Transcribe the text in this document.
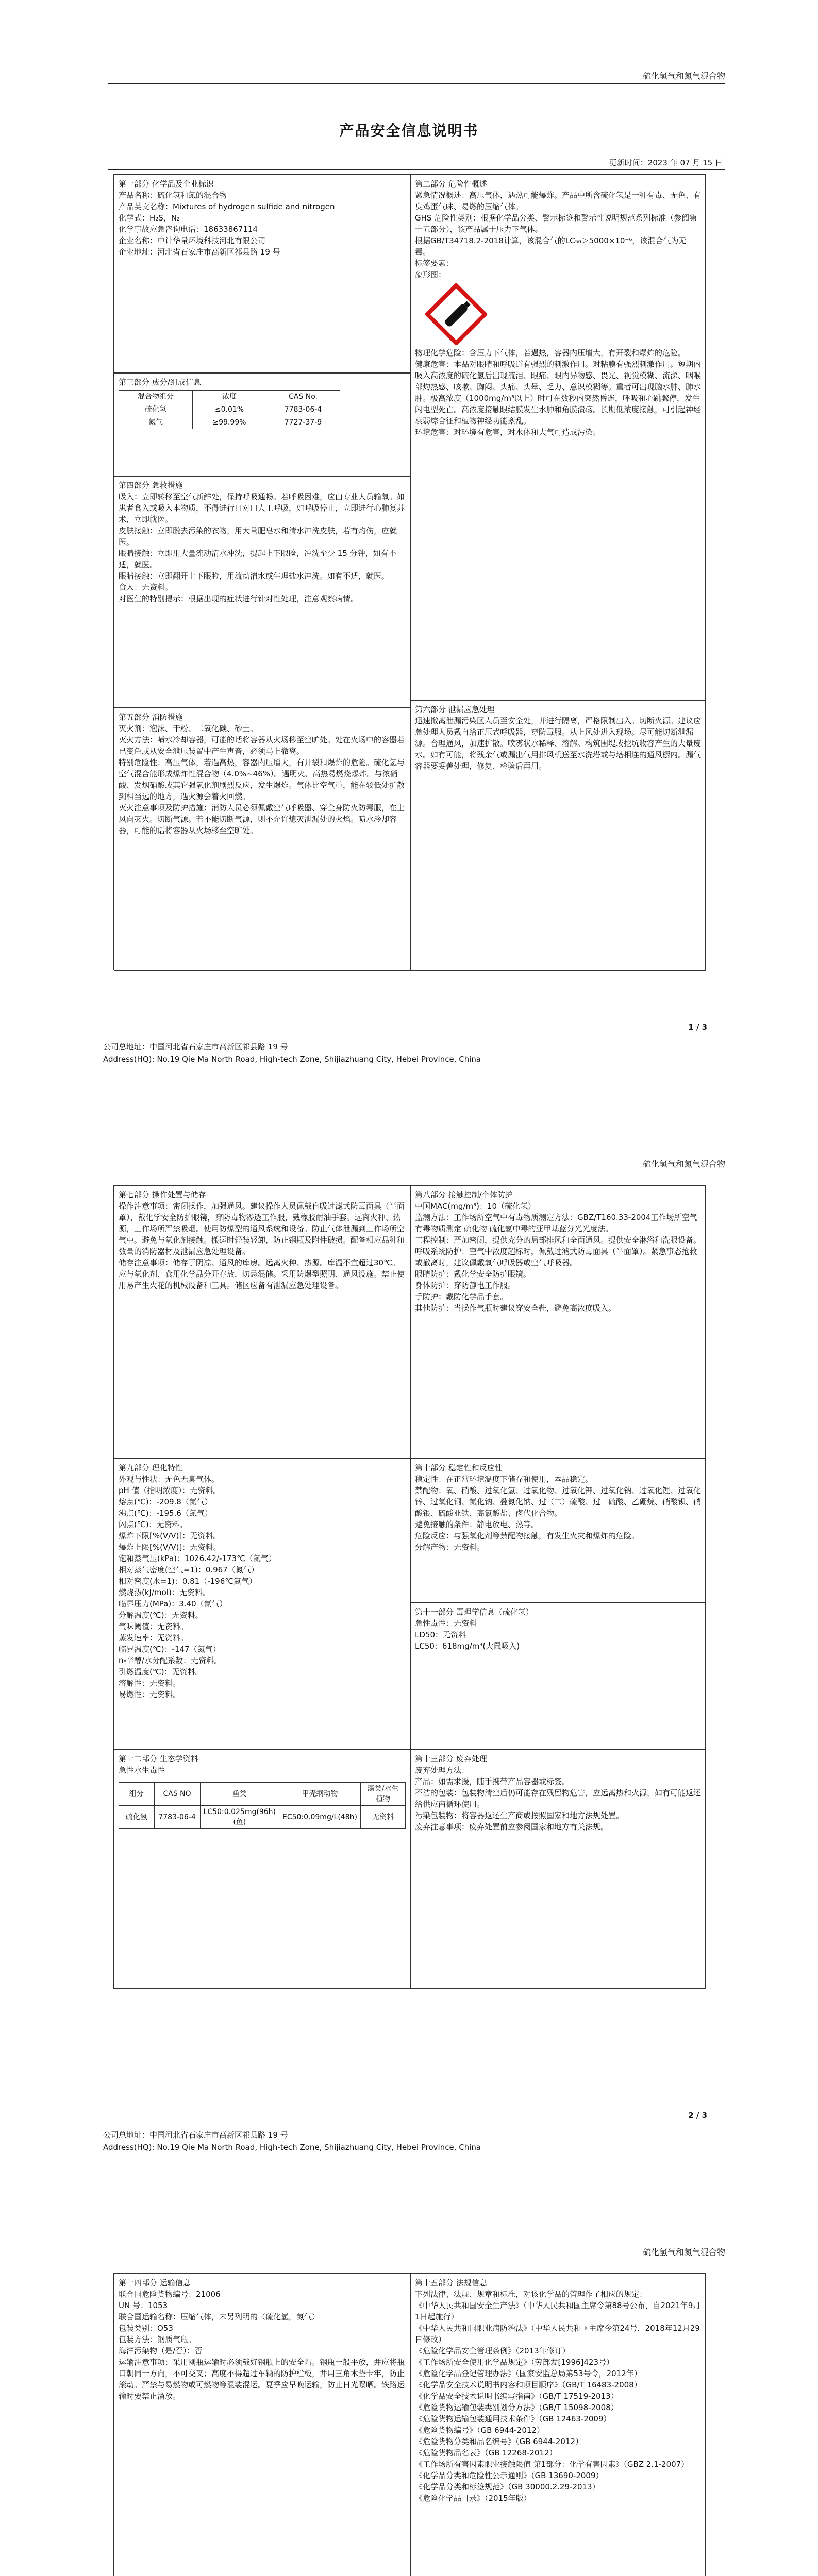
硫化氢气和氮气混合物
产品安全信息说明书
更新时间：2023 年 07 月 15 日

第一部分 化学品及企业标识

产品名称：硫化氢和氮的混合物

产品英文名称：Mixtures of hydrogen sulfide and nitrogen

化学式：H₂S，N₂

化学事故应急咨询电话：18633867114

企业名称：中计华量环境科技河北有限公司

企业地址：河北省石家庄市高新区祁县路 19 号

第三部分 成分/组成信息

混合物组分	浓度	CAS No.
硫化氢	≤0.01%	7783-06-4
氮气	≥99.99%	7727-37-9

第四部分 急救措施

吸入：立即转移至空气新鲜处，保持呼吸通畅。若呼吸困难，应由专业人员输氧。如患者食入或吸入本物质，不得进行口对口人工呼吸，如呼吸停止，立即进行心肺复苏术，立即就医。

皮肤接触：立即脱去污染的衣物，用大量肥皂水和清水冲洗皮肤，若有灼伤，应就医。

眼睛接触：立即用大量流动清水冲洗，提起上下眼睑，冲洗至少 15 分钟，如有不适，就医。

眼睛接触：立即翻开上下眼睑，用流动清水或生理盐水冲洗。如有不适，就医。

食入：无资料。

对医生的特别提示：根据出现的症状进行针对性处理，注意观察病情。

第五部分 消防措施

灭火剂：泡沫、干粉、二氧化碳、砂土。

灭火方法：喷水冷却容器，可能的话将容器从火场移至空旷处。处在火场中的容器若已变色或从安全泄压装置中产生声音，必须马上撤离。

特别危险性：高压气体，若遇高热，容器内压增大，有开裂和爆炸的危险。硫化氢与空气混合能形成爆炸性混合物（4.0%~46%）。遇明火、高热易燃烧爆炸。与浓硝酸、发烟硝酸或其它强氧化剂剧烈反应，发生爆炸。气体比空气重，能在较低处扩散到相当远的地方，遇火源会着火回燃。

灭火注意事项及防护措施：消防人员必须佩戴空气呼吸器、穿全身防火防毒服，在上风向灭火。切断气源。若不能切断气源，则不允许熄灭泄漏处的火焰。喷水冷却容器，可能的话将容器从火场移至空旷处。

第二部分 危险性概述

紧急情况概述：高压气体，遇热可能爆炸。产品中所含硫化氢是一种有毒、无色、有臭鸡蛋气味、易燃的压缩气体。

GHS 危险性类别：根据化学品分类、警示标签和警示性说明规范系列标准（参阅第十五部分），该产品属于压力下气体。

根据GB/T34718.2-2018计算，该混合气的LC₅₀＞5000×10⁻⁶，该混合气为无毒。

标签要素：

象形图：

物理化学危险：含压力下气体，若遇热，容器内压增大，有开裂和爆炸的危险。

健康危害：本品对眼睛和呼吸道有强烈的刺激作用。对粘膜有强烈刺激作用。短期内吸入高浓度的硫化氢后出现流泪、眼痛、眼内异物感、畏光、视觉模糊、流涕、咽喉部灼热感、咳嗽、胸闷、头痛、头晕、乏力、意识模糊等。重者可出现脑水肿、肺水肿。极高浓度（1000mg/m³以上）时可在数秒内突然昏迷，呼吸和心跳骤停，发生闪电型死亡。高浓度接触眼结膜发生水肿和角膜溃疡。长期低浓度接触，可引起神经衰弱综合征和植物神经功能紊乱。

环境危害：对环境有危害，对水体和大气可造成污染。

第六部分 泄漏应急处理

迅速撤离泄漏污染区人员至安全处，并进行隔离，严格限制出入。切断火源。建议应急处理人员戴自给正压式呼吸器，穿防毒服。从上风处进入现场。尽可能切断泄漏源。合理通风，加速扩散。喷雾状水稀释、溶解。构筑围堤或挖坑收容产生的大量废水。如有可能，将残余气或漏出气用排风机送至水洗塔或与塔相连的通风橱内。漏气容器要妥善处理，修复、检验后再用。

1 / 3
公司总地址：中国河北省石家庄市高新区祁县路 19 号
Address(HQ): No.19 Qie Ma North Road, High-tech Zone, Shijiazhuang City, Hebei Province, China
硫化氢气和氮气混合物

第七部分 操作处置与储存

操作注意事项：密闭操作，加强通风。建议操作人员佩戴自吸过滤式防毒面具（半面罩），戴化学安全防护眼镜，穿防毒物渗透工作服，戴橡胶耐油手套。远离火种、热源，工作场所严禁吸烟。使用防爆型的通风系统和设备。防止气体泄漏到工作场所空气中。避免与氧化剂接触。搬运时轻装轻卸，防止钢瓶及附件破损。配备相应品种和数量的消防器材及泄漏应急处理设备。

储存注意事项：储存于阴凉、通风的库房。远离火种、热源。库温不宜超过30℃。应与氧化剂、食用化学品分开存放，切忌混储。采用防爆型照明、通风设施。禁止使用易产生火花的机械设备和工具。储区应备有泄漏应急处理设备。

第九部分 理化特性

外观与性状：无色无臭气体。

pH 值（指明浓度）：无资料。

熔点(℃)：-209.8（氮气）

沸点(℃)：-195.6（氮气）

闪点(℃)：无资料。

爆炸下限[%(V/V)]：无资料。

爆炸上限[%(V/V)]：无资料。

饱和蒸气压(kPa)：1026.42/-173℃（氮气）

相对蒸气密度(空气=1)：0.967（氮气）

相对密度(水=1)：0.81（-196℃氮气）

燃烧热(kJ/mol)：无资料。

临界压力(MPa)：3.40（氮气）

分解温度(℃)：无资料。

气味阈值：无资料。

蒸发速率：无资料。

临界温度(℃)：-147（氮气）

n-辛醇/水分配系数：无资料。

引燃温度(℃)：无资料。

溶解性：无资料。

易燃性：无资料。

第十二部分 生态学资料

急性水生毒性

组分	CAS NO	鱼类	甲壳纲动物	藻类/水生植物
硫化氢	7783-06-4	LC50:0.025mg(96h)(鱼)	EC50:0.09mg/L(48h)	无资料

第八部分 接触控制/个体防护

中国MAC(mg/m³)：10（硫化氢）

监测方法：工作场所空气中有毒物质测定方法：GBZ/T160.33-2004工作场所空气有毒物质测定 硫化物 硫化氢中毒的亚甲基蓝分光光度法。

工程控制：严加密闭，提供充分的局部排风和全面通风。提供安全淋浴和洗眼设备。

呼吸系统防护：空气中浓度超标时，佩戴过滤式防毒面具（半面罩）。紧急事态抢救或撤离时，建议佩戴氧气呼吸器或空气呼吸器。

眼睛防护：戴化学安全防护眼镜。

身体防护：穿防静电工作服。

手防护：戴防化学品手套。

其他防护：当操作气瓶时建议穿安全鞋，避免高浓度吸入。

第十部分 稳定性和反应性

稳定性：在正常环境温度下储存和使用，本品稳定。

禁配物：氧、硝酸、过氧化氢、过氧化物、过氧化钾、过氧化钠、过氧化锂、过氧化锌、过氧化铜、氮化钠、叠氮化钠、过（二）硫酸、过一硫酸、乙硼烷、硝酸钡、硝酸银、硫酸亚铁、高氯酸盐、卤代化合物。

避免接触的条件：静电放电、热等。

危险反应：与强氧化剂等禁配物接触，有发生火灾和爆炸的危险。

分解产物：无资料。

第十一部分 毒理学信息（硫化氢）

急性毒性：无资料

LD50：无资料

LC50：618mg/m³(大鼠吸入)

第十三部分 废弃处理

废弃处理方法：

产品：如需求援，随手携带产品容器或标签。

不洁的包装：包装物清空后仍可能存在残留物危害，应远离热和火源，如有可能返还给供应商循环使用。

污染包装物：将容器返还生产商或按照国家和地方法规处置。

废弃注意事项：废弃处置前应参阅国家和地方有关法规。

2 / 3
公司总地址：中国河北省石家庄市高新区祁县路 19 号
Address(HQ): No.19 Qie Ma North Road, High-tech Zone, Shijiazhuang City, Hebei Province, China
硫化氢气和氮气混合物

第十四部分 运输信息

联合国危险货物编号：21006

UN 号：1053

联合国运输名称：压缩气体，未另列明的（硫化氢，氮气）

包装类别：O53

包装方法：钢质气瓶。

海洋污染物（是/否）：否

运输注意事项：采用刚瓶运输时必须戴好钢瓶上的安全帽。钢瓶一般平放，并应将瓶口朝同一方向，不可交叉；高度不得超过车辆的防护栏板，并用三角木垫卡牢，防止滚动。严禁与易燃物或可燃物等混装混运。夏季应早晚运输，防止日光曝晒。铁路运输时要禁止溜放。

第十五部分 法规信息

下列法律、法规、规章和标准，对该化学品的管理作了相应的规定：

《中华人民共和国安全生产法》（中华人民共和国主席令第88号公布，自2021年9月1日起施行）

《中华人民共和国职业病防治法》（中华人民共和国主席令第24号，2018年12月29日修改）

《危险化学品安全管理条例》（2013年修订）

《工作场所安全使用化学品规定》（劳部发[1996]423号）

《危险化学品登记管理办法》（国家安监总局第53号令，2012年）

《化学品安全技术说明书内容和项目顺序》（GB/T 16483-2008）

《化学品安全技术说明书编写指南》（GB/T 17519-2013）

《危险货物运输包装类别划分方法》（GB/T 15098-2008）

《危险货物运输包装通用技术条件》（GB 12463-2009）

《危险货物编号》（GB 6944-2012）

《危险货物分类和品名编号》（GB 6944-2012）

《危险货物品名表》（GB 12268-2012）

《工作场所有害因素职业接触限值 第1部分：化学有害因素》（GBZ 2.1-2007）

《化学品分类和危险性公示通则》（GB 13690-2009）

《化学品分类和标签规范》（GB 30000.2.29-2013）

《危险化学品目录》（2015年版）
